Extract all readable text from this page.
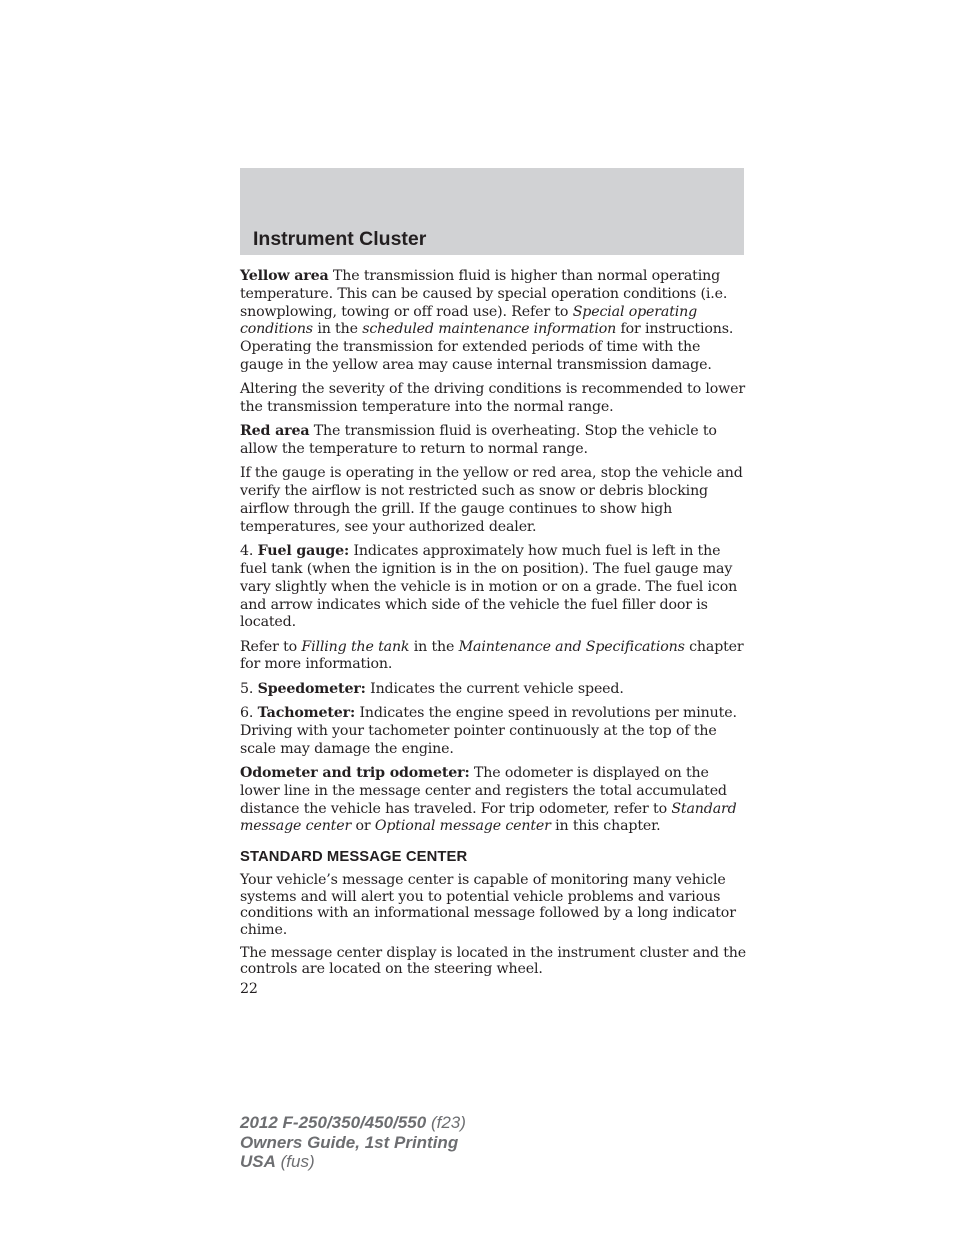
Instrument Cluster

Yellow area The transmission fluid is higher than normal operating temperature. This can be caused by special operation conditions (i.e. snowplowing, towing or off road use). Refer to Special operating conditions in the scheduled maintenance information for instructions. Operating the transmission for extended periods of time with the gauge in the yellow area may cause internal transmission damage.

Altering the severity of the driving conditions is recommended to lower the transmission temperature into the normal range.

Red area The transmission fluid is overheating. Stop the vehicle to allow the temperature to return to normal range.

If the gauge is operating in the yellow or red area, stop the vehicle and verify the airflow is not restricted such as snow or debris blocking airflow through the grill. If the gauge continues to show high temperatures, see your authorized dealer.

4. Fuel gauge: Indicates approximately how much fuel is left in the fuel tank (when the ignition is in the on position). The fuel gauge may vary slightly when the vehicle is in motion or on a grade. The fuel icon and arrow indicates which side of the vehicle the fuel filler door is located.

Refer to Filling the tank in the Maintenance and Specifications chapter for more information.

5. Speedometer: Indicates the current vehicle speed.

6. Tachometer: Indicates the engine speed in revolutions per minute. Driving with your tachometer pointer continuously at the top of the scale may damage the engine.

Odometer and trip odometer: The odometer is displayed on the lower line in the message center and registers the total accumulated distance the vehicle has traveled. For trip odometer, refer to Standard message center or Optional message center in this chapter.

STANDARD MESSAGE CENTER

Your vehicle’s message center is capable of monitoring many vehicle systems and will alert you to potential vehicle problems and various conditions with an informational message followed by a long indicator chime.

The message center display is located in the instrument cluster and the controls are located on the steering wheel.

22

2012 F-250/350/450/550 (f23)
Owners Guide, 1st Printing
USA (fus)
